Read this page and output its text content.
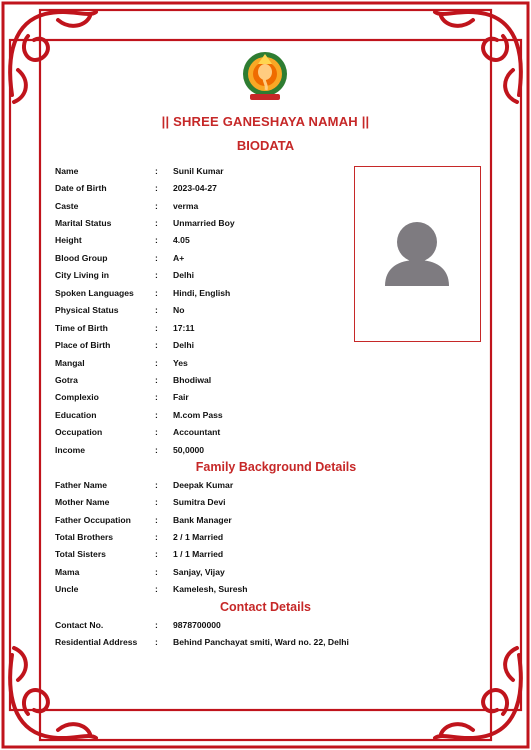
|| SHREE GANESHAYA NAMAH ||
BIODATA
Name	:	Sunil Kumar
Date of Birth	:	2023-04-27
Caste	:	verma
Marital Status	:	Unmarried Boy
Height	:	4.05
Blood Group	:	A+
City Living in	:	Delhi
Spoken Languages	:	Hindi, English
Physical Status	:	No
Time of Birth	:	17:11
Place of Birth	:	Delhi
Mangal	:	Yes
Gotra	:	Bhodiwal
Complexio	:	Fair
Education	:	M.com Pass
Occupation	:	Accountant
Income	:	50,0000
Family Background Details
Father Name	:	Deepak Kumar
Mother Name	:	Sumitra Devi
Father Occupation	:	Bank Manager
Total Brothers	:	2 / 1 Married
Total Sisters	:	1 / 1 Married
Mama	:	Sanjay, Vijay
Uncle	:	Kamelesh, Suresh
Contact Details
Contact No.	:	9878700000
Residential Address	:	Behind Panchayat smiti, Ward no. 22, Delhi
